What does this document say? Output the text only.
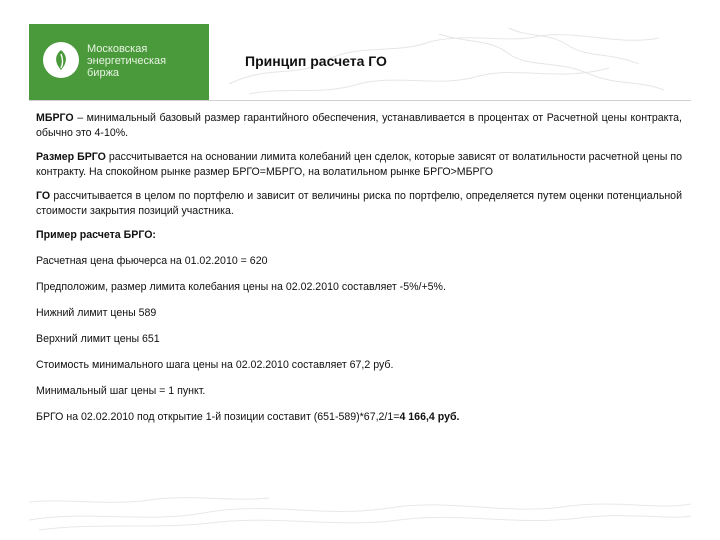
Московская
энергетическая
биржа
Принцип расчета ГО

МБРГО – минимальный базовый размер гарантийного обеспечения, устанавливается в процентах от Расчетной цены контракта, обычно это 4-10%.

Размер БРГО рассчитывается на основании лимита колебаний цен сделок, которые зависят от волатильности расчетной цены по контракту. На спокойном рынке размер БРГО=МБРГО, на волатильном рынке БРГО>МБРГО

ГО рассчитывается в целом по портфелю и зависит от величины риска по портфелю, определяется путем оценки потенциальной стоимости закрытия позиций участника.

Пример расчета БРГО:

Расчетная цена фьючерса на 01.02.2010 = 620

Предположим, размер лимита колебания цены на 02.02.2010 составляет -5%/+5%.

Нижний лимит цены 589

Верхний лимит цены 651

Стоимость минимального шага цены на 02.02.2010 составляет 67,2 руб.

Минимальный шаг цены = 1 пункт.

БРГО на 02.02.2010 под открытие 1-й позиции составит (651-589)*67,2/1=4 166,4 руб.
